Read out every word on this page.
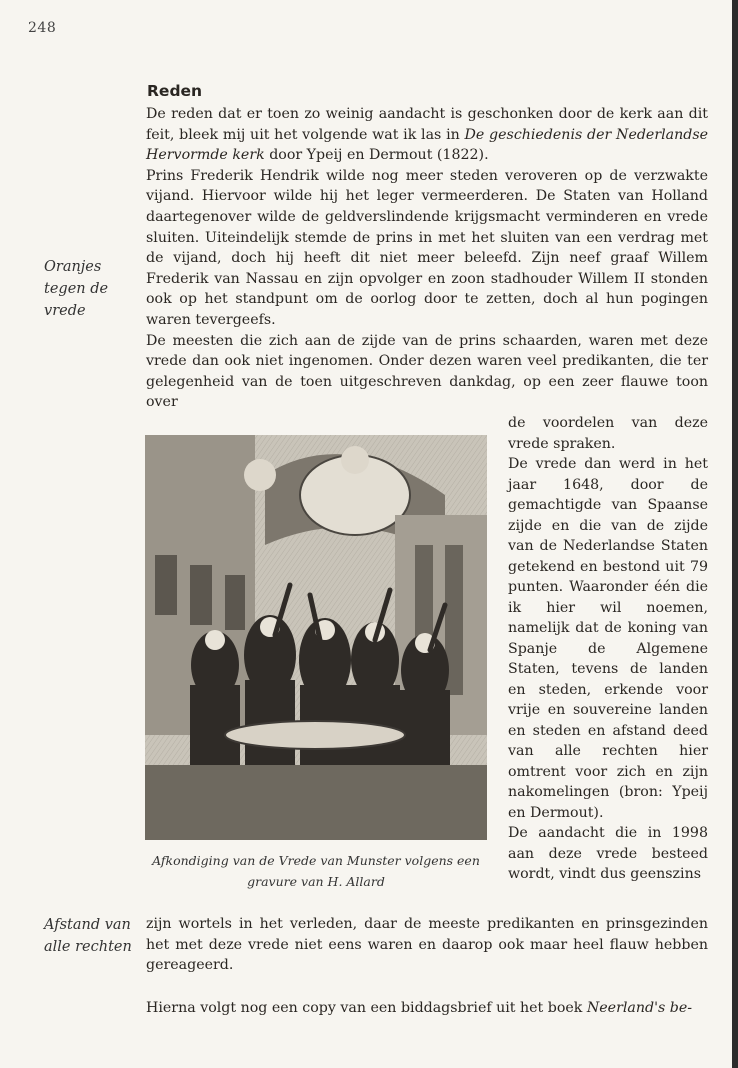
248
Oranjes
tegen de
vrede
Reden

De reden dat er toen zo weinig aandacht is geschonken door de kerk aan dit feit, bleek mij uit het volgende wat ik las in De geschiedenis der Nederlandse Hervormde kerk door Ypeij en Dermout (1822).

Prins Frederik Hendrik wilde nog meer steden veroveren op de verzwakte vijand. Hiervoor wilde hij het leger vermeerderen. De Staten van Holland daartegenover wilde de geldverslindende krijgsmacht verminderen en vrede sluiten. Uiteindelijk stemde de prins in met het sluiten van een verdrag met de vijand, doch hij heeft dit niet meer beleefd. Zijn neef graaf Willem Frederik van Nassau en zijn opvolger en zoon stadhouder Willem II stonden ook op het standpunt om de oorlog door te zetten, doch al hun pogingen waren tevergeefs.

De meesten die zich aan de zijde van de prins schaarden, waren met deze vrede dan ook niet ingenomen. Onder dezen waren veel predikanten, die ter gelegenheid van de toen uitgeschreven dankdag, op een zeer flauwe toon over

Afkondiging van de Vrede van Munster volgens een
gravure van H. Allard

de voordelen van deze vrede spraken.

De vrede dan werd in het jaar 1648, door de gemachtigde van Spaanse zijde en die van de zijde van de Nederlandse Staten getekend en bestond uit 79 punten. Waaronder één die ik hier wil noemen, namelijk dat de koning van Spanje de Algemene Staten, tevens de landen en steden, erkende voor vrije en souvereine landen en steden en afstand deed van alle rechten hier omtrent voor zich en zijn nakomelingen (bron: Ypeij en Dermout).

De aandacht die in 1998 aan deze vrede besteed wordt, vindt dus geenszins

Afstand van
alle rechten

zijn wortels in het verleden, daar de meeste predikanten en prinsgezinden het met deze vrede niet eens waren en daarop ook maar heel flauw hebben gereageerd.

Hierna volgt nog een copy van een biddagsbrief uit het boek Neerland's be-
